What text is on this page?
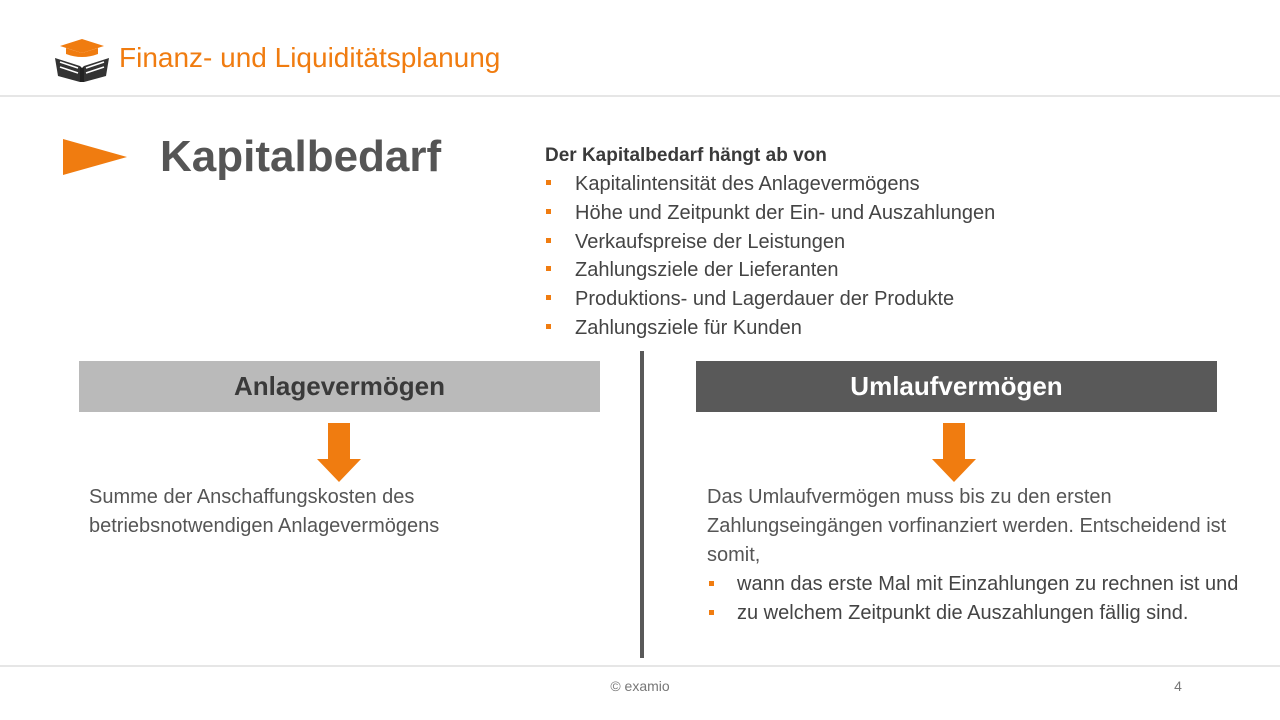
Finanz- und Liquiditätsplanung
Kapitalbedarf	Der Kapitalbedarf hängt ab von
Kapitalintensität des Anlagevermögens
Höhe und Zeitpunkt der Ein- und Auszahlungen
Verkaufspreise der Leistungen
Zahlungsziele der Lieferanten
Produktions- und Lagerdauer der Produkte
Zahlungsziele für Kunden
Anlagevermögen	Umlaufvermögen
Summe der Anschaffungskosten des betriebsnotwendigen Anlagevermögens
Das Umlaufvermögen muss bis zu den ersten Zahlungseingängen vorfinanziert werden. Entscheidend ist somit,
wann das erste Mal mit Einzahlungen zu rechnen ist und
zu welchem Zeitpunkt die Auszahlungen fällig sind.
© examio	4
